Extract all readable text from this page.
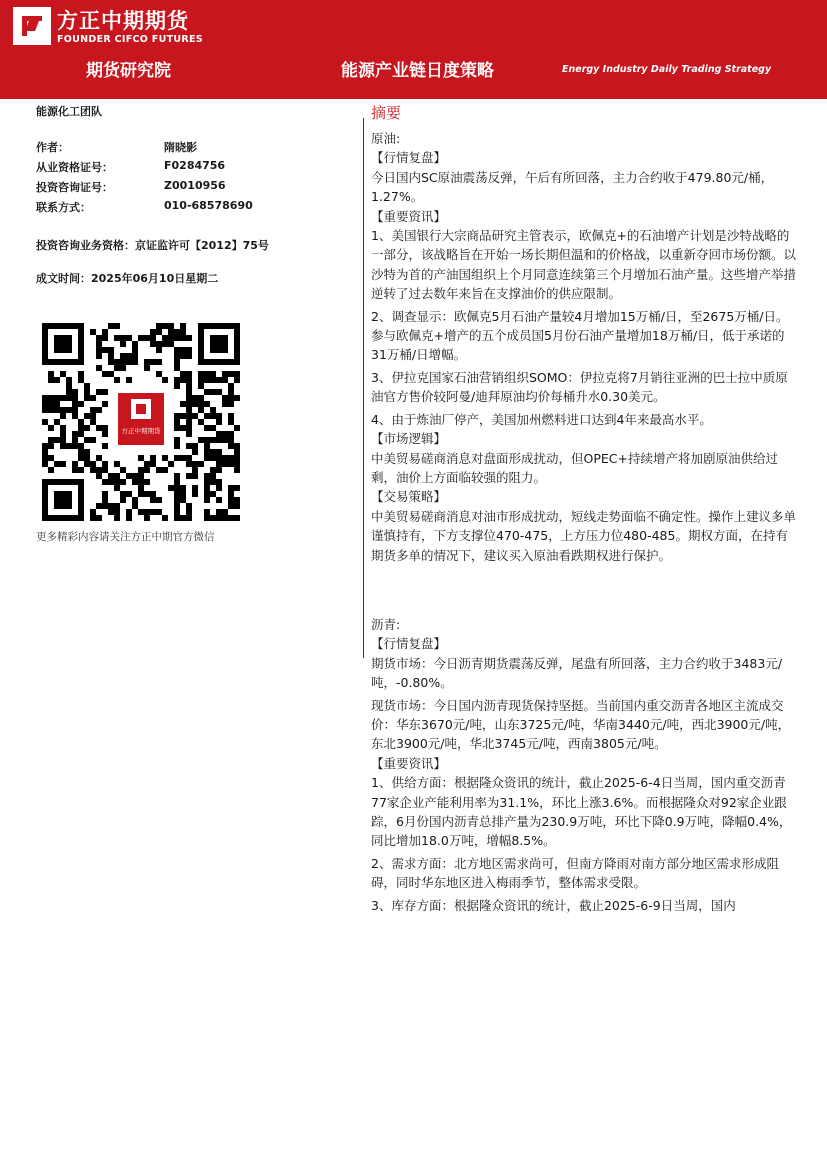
方正中期期货
FOUNDER CIFCO FUTURES
期货研究院	能源产业链日度策略	Energy Industry Daily Trading Strategy
能源化工团队
作者：	隋晓影
从业资格证号：	F0284756
投资咨询证号：	Z0010956
联系方式：	010-68578690
投资咨询业务资格：京证监许可【2012】75号
成文时间：2025年06月10日星期二
方正中期期货
更多精彩内容请关注方正中期官方微信
摘要

原油:

【行情复盘】

今日国内SC原油震荡反弹，午后有所回落，主力合约收于479.80元/桶，1.27%。

【重要资讯】

1、美国银行大宗商品研究主管表示，欧佩克+的石油增产计划是沙特战略的一部分，该战略旨在开始一场长期但温和的价格战，以重新夺回市场份额。以沙特为首的产油国组织上个月同意连续第三个月增加石油产量。这些增产举措逆转了过去数年来旨在支撑油价的供应限制。

2、调查显示：欧佩克5月石油产量较4月增加15万桶/日，至2675万桶/日。参与欧佩克+增产的五个成员国5月份石油产量增加18万桶/日，低于承诺的31万桶/日增幅。

3、伊拉克国家石油营销组织SOMO：伊拉克将7月销往亚洲的巴士拉中质原油官方售价较阿曼/迪拜原油均价每桶升水0.30美元。

4、由于炼油厂停产，美国加州燃料进口达到4年来最高水平。

【市场逻辑】

中美贸易磋商消息对盘面形成扰动，但OPEC+持续增产将加剧原油供给过剩，油价上方面临较强的阻力。

【交易策略】

中美贸易磋商消息对油市形成扰动，短线走势面临不确定性。操作上建议多单谨慎持有，下方支撑位470-475，上方压力位480-485。期权方面，在持有期货多单的情况下，建议买入原油看跌期权进行保护。

沥青:

【行情复盘】

期货市场：今日沥青期货震荡反弹，尾盘有所回落，主力合约收于3483元/吨，-0.80%。

现货市场：今日国内沥青现货保持坚挺。当前国内重交沥青各地区主流成交价：华东3670元/吨，山东3725元/吨，华南3440元/吨，西北3900元/吨，东北3900元/吨，华北3745元/吨，西南3805元/吨。

【重要资讯】

1、供给方面：根据隆众资讯的统计，截止2025-6-4日当周，国内重交沥青77家企业产能利用率为31.1%，环比上涨3.6%。而根据隆众对92家企业跟踪，6月份国内沥青总排产量为230.9万吨，环比下降0.9万吨，降幅0.4%，同比增加18.0万吨，增幅8.5%。

2、需求方面：北方地区需求尚可，但南方降雨对南方部分地区需求形成阻碍，同时华东地区进入梅雨季节，整体需求受限。

3、库存方面：根据隆众资讯的统计，截止2025-6-9日当周，国内
